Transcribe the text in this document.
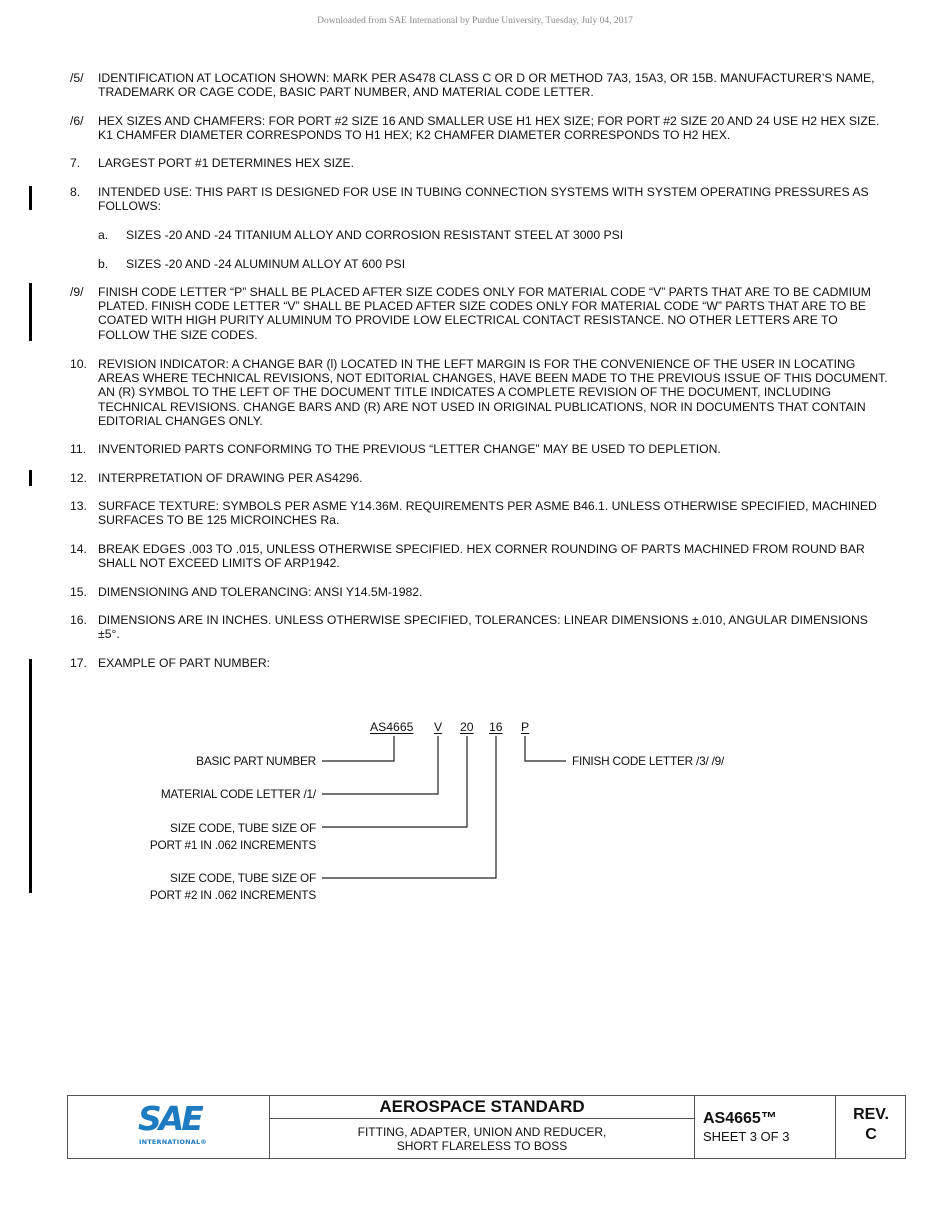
Downloaded from SAE International by Purdue University, Tuesday, July 04, 2017
/5/ IDENTIFICATION AT LOCATION SHOWN: MARK PER AS478 CLASS C OR D OR METHOD 7A3, 15A3, OR 15B. MANUFACTURER’S NAME, TRADEMARK OR CAGE CODE, BASIC PART NUMBER, AND MATERIAL CODE LETTER.
/6/ HEX SIZES AND CHAMFERS: FOR PORT #2 SIZE 16 AND SMALLER USE H1 HEX SIZE; FOR PORT #2 SIZE 20 AND 24 USE H2 HEX SIZE. K1 CHAMFER DIAMETER CORRESPONDS TO H1 HEX; K2 CHAMFER DIAMETER CORRESPONDS TO H2 HEX.
7. LARGEST PORT #1 DETERMINES HEX SIZE.
8. INTENDED USE: THIS PART IS DESIGNED FOR USE IN TUBING CONNECTION SYSTEMS WITH SYSTEM OPERATING PRESSURES AS FOLLOWS:
a. SIZES -20 AND -24 TITANIUM ALLOY AND CORROSION RESISTANT STEEL AT 3000 PSI
b. SIZES -20 AND -24 ALUMINUM ALLOY AT 600 PSI
/9/ FINISH CODE LETTER “P” SHALL BE PLACED AFTER SIZE CODES ONLY FOR MATERIAL CODE “V” PARTS THAT ARE TO BE CADMIUM PLATED. FINISH CODE LETTER “V” SHALL BE PLACED AFTER SIZE CODES ONLY FOR MATERIAL CODE “W” PARTS THAT ARE TO BE COATED WITH HIGH PURITY ALUMINUM TO PROVIDE LOW ELECTRICAL CONTACT RESISTANCE. NO OTHER LETTERS ARE TO FOLLOW THE SIZE CODES.
10. REVISION INDICATOR: A CHANGE BAR (l) LOCATED IN THE LEFT MARGIN IS FOR THE CONVENIENCE OF THE USER IN LOCATING AREAS WHERE TECHNICAL REVISIONS, NOT EDITORIAL CHANGES, HAVE BEEN MADE TO THE PREVIOUS ISSUE OF THIS DOCUMENT. AN (R) SYMBOL TO THE LEFT OF THE DOCUMENT TITLE INDICATES A COMPLETE REVISION OF THE DOCUMENT, INCLUDING TECHNICAL REVISIONS. CHANGE BARS AND (R) ARE NOT USED IN ORIGINAL PUBLICATIONS, NOR IN DOCUMENTS THAT CONTAIN EDITORIAL CHANGES ONLY.
11. INVENTORIED PARTS CONFORMING TO THE PREVIOUS “LETTER CHANGE” MAY BE USED TO DEPLETION.
12. INTERPRETATION OF DRAWING PER AS4296.
13. SURFACE TEXTURE: SYMBOLS PER ASME Y14.36M. REQUIREMENTS PER ASME B46.1. UNLESS OTHERWISE SPECIFIED, MACHINED SURFACES TO BE 125 MICROINCHES Ra.
14. BREAK EDGES .003 TO .015, UNLESS OTHERWISE SPECIFIED. HEX CORNER ROUNDING OF PARTS MACHINED FROM ROUND BAR SHALL NOT EXCEED LIMITS OF ARP1942.
15. DIMENSIONING AND TOLERANCING: ANSI Y14.5M-1982.
16. DIMENSIONS ARE IN INCHES. UNLESS OTHERWISE SPECIFIED, TOLERANCES: LINEAR DIMENSIONS ±.010, ANGULAR DIMENSIONS ±5°.
17. EXAMPLE OF PART NUMBER:
AS4665 V 20 16 P
BASIC PART NUMBER
MATERIAL CODE LETTER /1/
SIZE CODE, TUBE SIZE OF
PORT #1 IN .062 INCREMENTS
SIZE CODE, TUBE SIZE OF
PORT #2 IN .062 INCREMENTS
FINISH CODE LETTER /3/ /9/
SAE
INTERNATIONAL®
AEROSPACE STANDARD
FITTING, ADAPTER, UNION AND REDUCER,
SHORT FLARELESS TO BOSS
AS4665™
SHEET 3 OF 3
REV.
C
